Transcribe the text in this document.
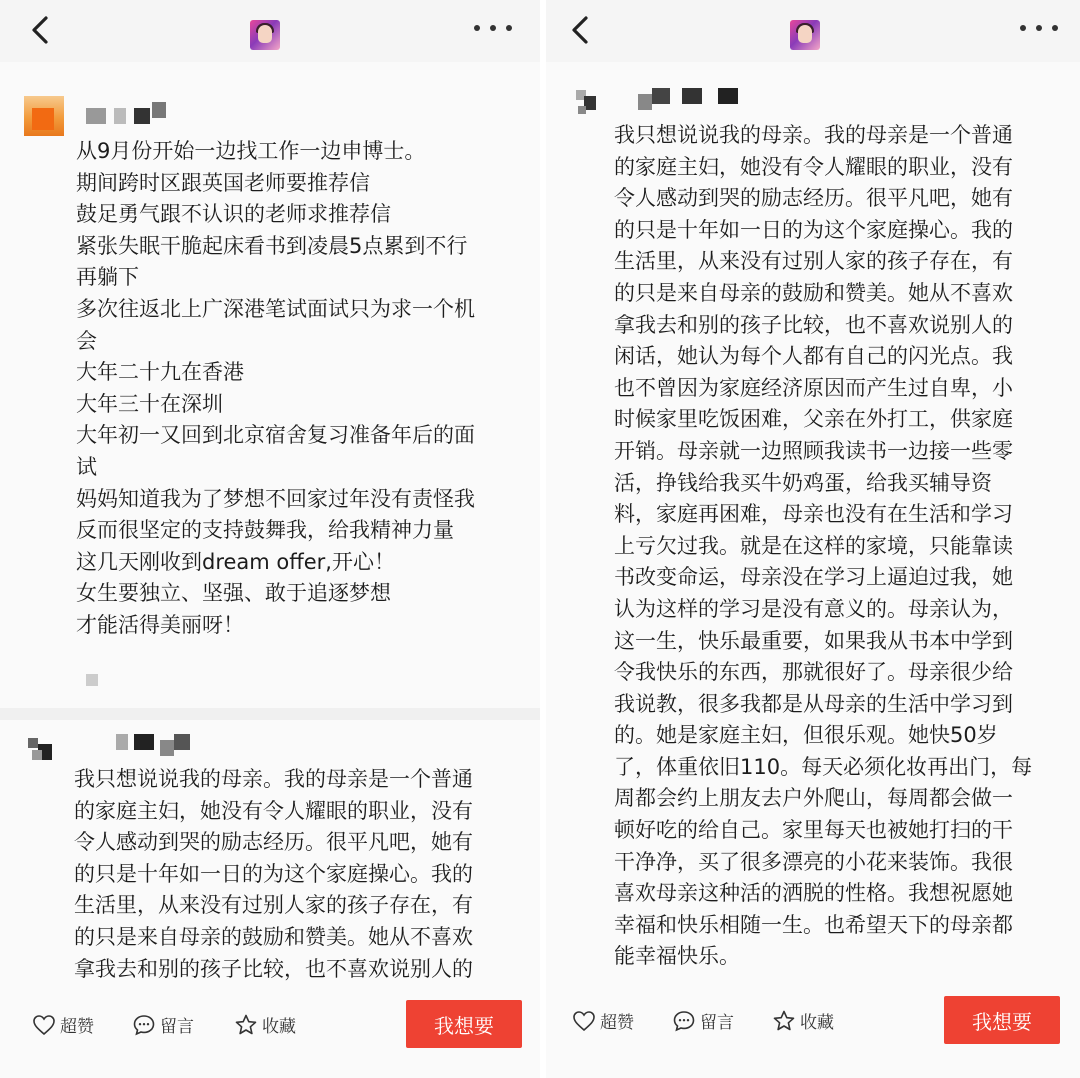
从9月份开始一边找工作一边申博士。
期间跨时区跟英国老师要推荐信
鼓足勇气跟不认识的老师求推荐信
紧张失眠干脆起床看书到凌晨5点累到不行
再躺下
多次往返北上广深港笔试面试只为求一个机
会
大年二十九在香港
大年三十在深圳
大年初一又回到北京宿舍复习准备年后的面
试
妈妈知道我为了梦想不回家过年没有责怪我
反而很坚定的支持鼓舞我，给我精神力量
这几天刚收到dream offer,开心！
女生要独立、坚强、敢于追逐梦想
才能活得美丽呀！
我只想说说我的母亲。我的母亲是一个普通
的家庭主妇，她没有令人耀眼的职业，没有
令人感动到哭的励志经历。很平凡吧，她有
的只是十年如一日的为这个家庭操心。我的
生活里，从来没有过别人家的孩子存在，有
的只是来自母亲的鼓励和赞美。她从不喜欢
拿我去和别的孩子比较，也不喜欢说别人的
超赞	留言	收藏	我想要
我只想说说我的母亲。我的母亲是一个普通
的家庭主妇，她没有令人耀眼的职业，没有
令人感动到哭的励志经历。很平凡吧，她有
的只是十年如一日的为这个家庭操心。我的
生活里，从来没有过别人家的孩子存在，有
的只是来自母亲的鼓励和赞美。她从不喜欢
拿我去和别的孩子比较，也不喜欢说别人的
闲话，她认为每个人都有自己的闪光点。我
也不曾因为家庭经济原因而产生过自卑，小
时候家里吃饭困难，父亲在外打工，供家庭
开销。母亲就一边照顾我读书一边接一些零
活，挣钱给我买牛奶鸡蛋，给我买辅导资
料，家庭再困难，母亲也没有在生活和学习
上亏欠过我。就是在这样的家境，只能靠读
书改变命运，母亲没在学习上逼迫过我，她
认为这样的学习是没有意义的。母亲认为，
这一生，快乐最重要，如果我从书本中学到
令我快乐的东西，那就很好了。母亲很少给
我说教，很多我都是从母亲的生活中学习到
的。她是家庭主妇，但很乐观。她快50岁
了，体重依旧110。每天必须化妆再出门，每
周都会约上朋友去户外爬山，每周都会做一
顿好吃的给自己。家里每天也被她打扫的干
干净净，买了很多漂亮的小花来装饰。我很
喜欢母亲这种活的洒脱的性格。我想祝愿她
幸福和快乐相随一生。也希望天下的母亲都
能幸福快乐。
超赞	留言	收藏	我想要
